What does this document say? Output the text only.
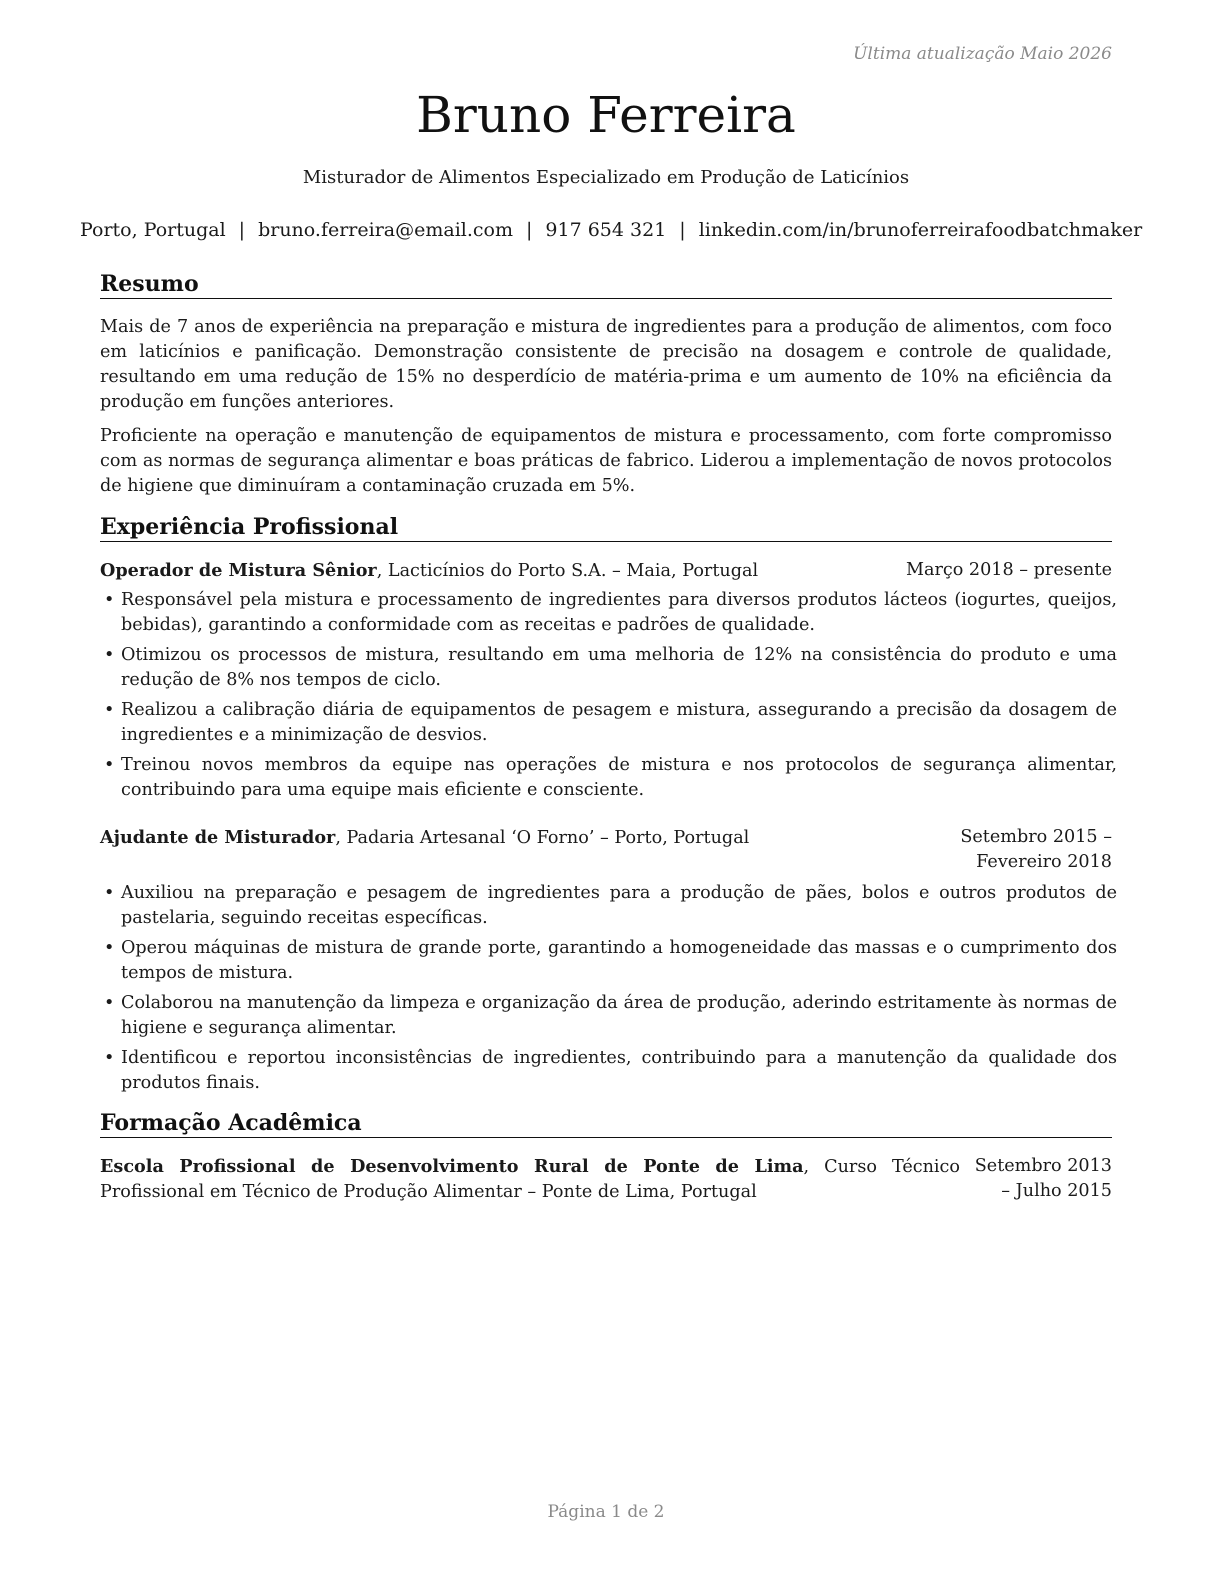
Última atualização Maio 2026
Bruno Ferreira
Misturador de Alimentos Especializado em Produção de Laticínios
Porto, Portugal | bruno.ferreira@email.com | 917 654 321 | linkedin.com/in/brunoferreirafoodbatchmaker
Resumo

Mais de 7 anos de experiência na preparação e mistura de ingredientes para a produção de alimentos, com foco em laticínios e panificação. Demonstração consistente de precisão na dosagem e controle de qualidade, resultando em uma redução de 15% no desperdício de matéria-prima e um aumento de 10% na eficiência da produção em funções anteriores.

Proficiente na operação e manutenção de equipamentos de mistura e processamento, com forte compromisso com as normas de segurança alimentar e boas práticas de fabrico. Liderou a implementação de novos protocolos de higiene que diminuíram a contaminação cruzada em 5%.

Experiência Profissional
Operador de Mistura Sênior, Lacticínios do Porto S.A. – Maia, Portugal	Março 2018 – presente
• Responsável pela mistura e processamento de ingredientes para diversos produtos lácteos (iogurtes, queijos, bebidas), garantindo a conformidade com as receitas e padrões de qualidade.
• Otimizou os processos de mistura, resultando em uma melhoria de 12% na consistência do produto e uma redução de 8% nos tempos de ciclo.
• Realizou a calibração diária de equipamentos de pesagem e mistura, assegurando a precisão da dosagem de ingredientes e a minimização de desvios.
• Treinou novos membros da equipe nas operações de mistura e nos protocolos de segurança alimentar, contribuindo para uma equipe mais eficiente e consciente.
Ajudante de Misturador, Padaria Artesanal ‘O Forno’ – Porto, Portugal	Setembro 2015 – Fevereiro 2018
• Auxiliou na preparação e pesagem de ingredientes para a produção de pães, bolos e outros produtos de pastelaria, seguindo receitas específicas.
• Operou máquinas de mistura de grande porte, garantindo a homogeneidade das massas e o cumprimento dos tempos de mistura.
• Colaborou na manutenção da limpeza e organização da área de produção, aderindo estritamente às normas de higiene e segurança alimentar.
• Identificou e reportou inconsistências de ingredientes, contribuindo para a manutenção da qualidade dos produtos finais.
Formação Acadêmica
Escola Profissional de Desenvolvimento Rural de Ponte de Lima, Curso Técnico Profissional em Técnico de Produção Alimentar – Ponte de Lima, Portugal
Setembro 2013 – Julho 2015
Página 1 de 2
